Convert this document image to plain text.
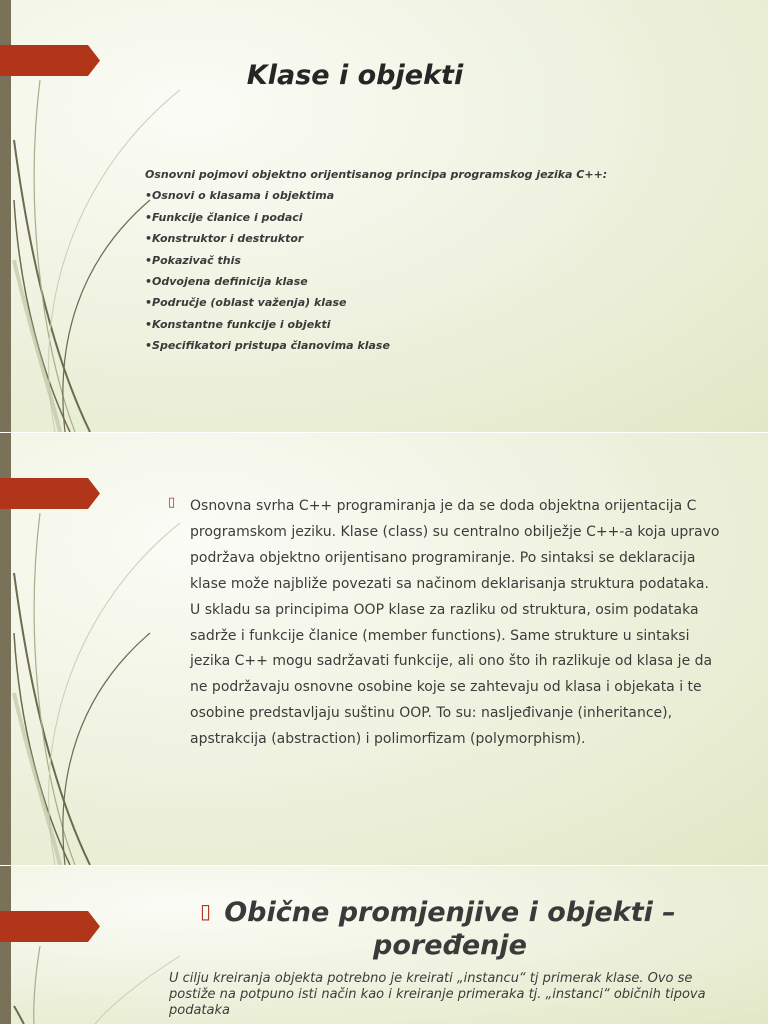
Klase i objekti
Osnovni pojmovi objektno orijentisanog principa programskog jezika C++:
•Osnovi o klasama i objektima
•Funkcije članice i podaci
•Konstruktor i destruktor
•Pokazivač this
•Odvojena definicija klase
•Područje (oblast važenja) klase
•Konstantne funkcije i objekti
•Specifikatori pristupa članovima klase
▯ Osnovna svrha C++ programiranja je da se doda objektna orijentacija C programskom jeziku. Klase (class) su centralno obilježje C++-a koja upravo podržava objektno orijentisano programiranje. Po sintaksi se deklaracija klase može najbliže povezati sa načinom deklarisanja struktura podataka. U skladu sa principima OOP klase za razliku od struktura, osim podataka sadrže i funkcije članice (member functions). Same strukture u sintaksi jezika C++ mogu sadržavati funkcije, ali ono što ih razlikuje od klasa je da ne podržavaju osnovne osobine koje se zahtevaju od klasa i objekata i te osobine predstavljaju suštinu OOP. To su: nasljeđivanje (inheritance), apstrakcija (abstraction) i polimorfizam (polymorphism).
▯ Obične promjenjive i objekti – poređenje
U cilju kreiranja objekta potrebno je kreirati „instancu“ tj primerak klase. Ovo se postiže na potpuno isti način kao i kreiranje primeraka tj. „instanci“ običnih tipova podataka
